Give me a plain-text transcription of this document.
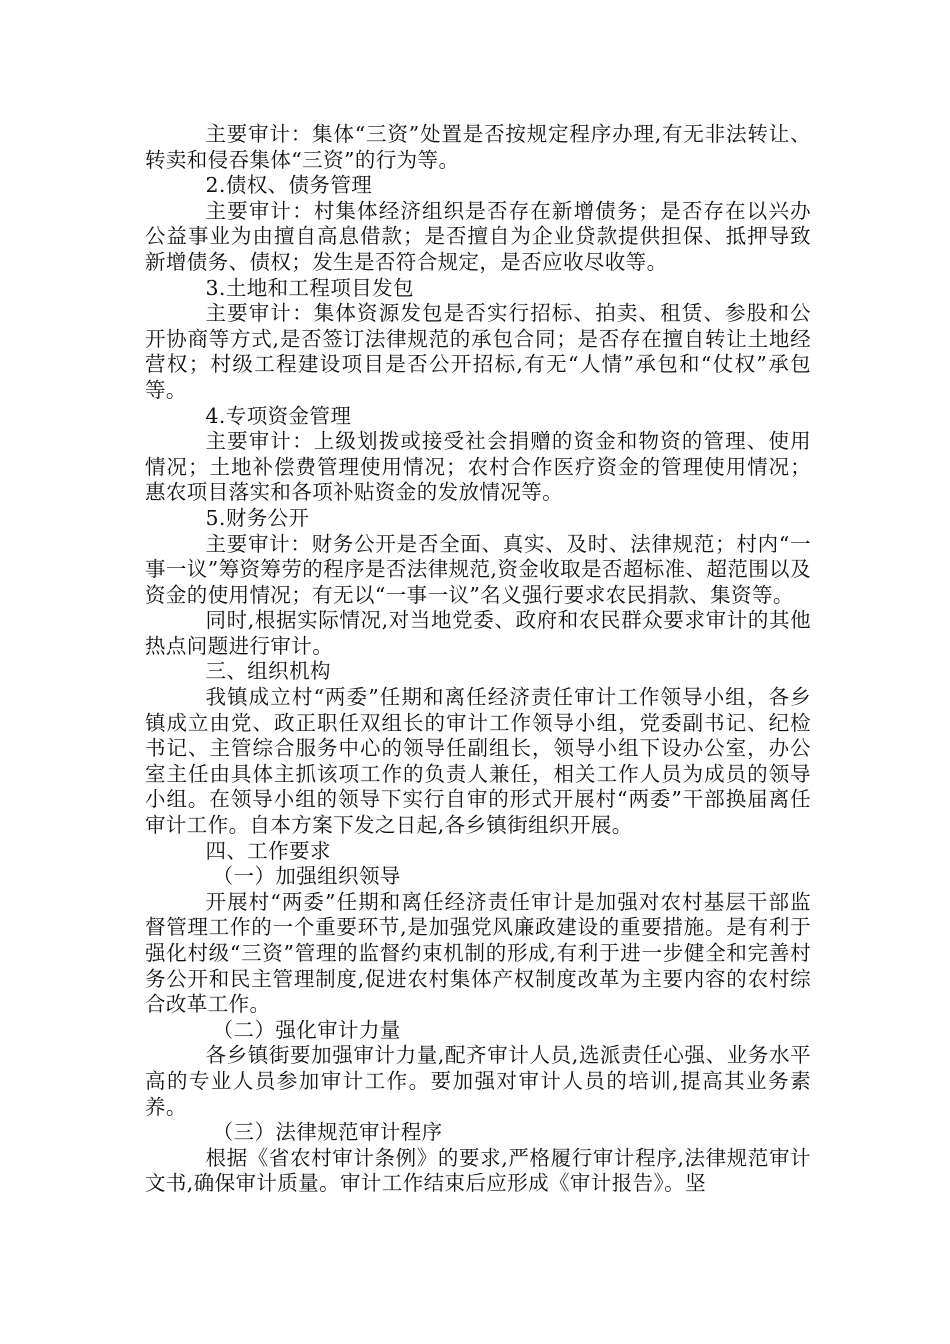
主要审计：集体“三资”处置是否按规定程序办理,有无非法转让、转卖和侵吞集体“三资”的行为等。

2.债权、债务管理

主要审计：村集体经济组织是否存在新增债务；是否存在以兴办公益事业为由擅自高息借款；是否擅自为企业贷款提供担保、抵押导致新增债务、债权；发生是否符合规定，是否应收尽收等。

3.土地和工程项目发包

主要审计：集体资源发包是否实行招标、拍卖、租赁、参股和公开协商等方式,是否签订法律规范的承包合同；是否存在擅自转让土地经营权；村级工程建设项目是否公开招标,有无“人情”承包和“仗权”承包等。

4.专项资金管理

主要审计：上级划拨或接受社会捐赠的资金和物资的管理、使用情况；土地补偿费管理使用情况；农村合作医疗资金的管理使用情况；惠农项目落实和各项补贴资金的发放情况等。

5.财务公开

主要审计：财务公开是否全面、真实、及时、法律规范；村内“一事一议”筹资筹劳的程序是否法律规范,资金收取是否超标准、超范围以及资金的使用情况；有无以“一事一议”名义强行要求农民捐款、集资等。

同时,根据实际情况,对当地党委、政府和农民群众要求审计的其他热点问题进行审计。

三、组织机构

我镇成立村“两委”任期和离任经济责任审计工作领导小组，各乡镇成立由党、政正职任双组长的审计工作领导小组，党委副书记、纪检书记、主管综合服务中心的领导任副组长，领导小组下设办公室，办公室主任由具体主抓该项工作的负责人兼任，相关工作人员为成员的领导小组。在领导小组的领导下实行自审的形式开展村“两委”干部换届离任审计工作。自本方案下发之日起,各乡镇街组织开展。

四、工作要求

（一）加强组织领导

开展村“两委”任期和离任经济责任审计是加强对农村基层干部监督管理工作的一个重要环节,是加强党风廉政建设的重要措施。是有利于强化村级“三资”管理的监督约束机制的形成,有利于进一步健全和完善村务公开和民主管理制度,促进农村集体产权制度改革为主要内容的农村综合改革工作。

（二）强化审计力量

各乡镇街要加强审计力量,配齐审计人员,选派责任心强、业务水平高的专业人员参加审计工作。要加强对审计人员的培训,提高其业务素养。

（三）法律规范审计程序

根据《省农村审计条例》的要求,严格履行审计程序,法律规范审计文书,确保审计质量。审计工作结束后应形成《审计报告》。坚
